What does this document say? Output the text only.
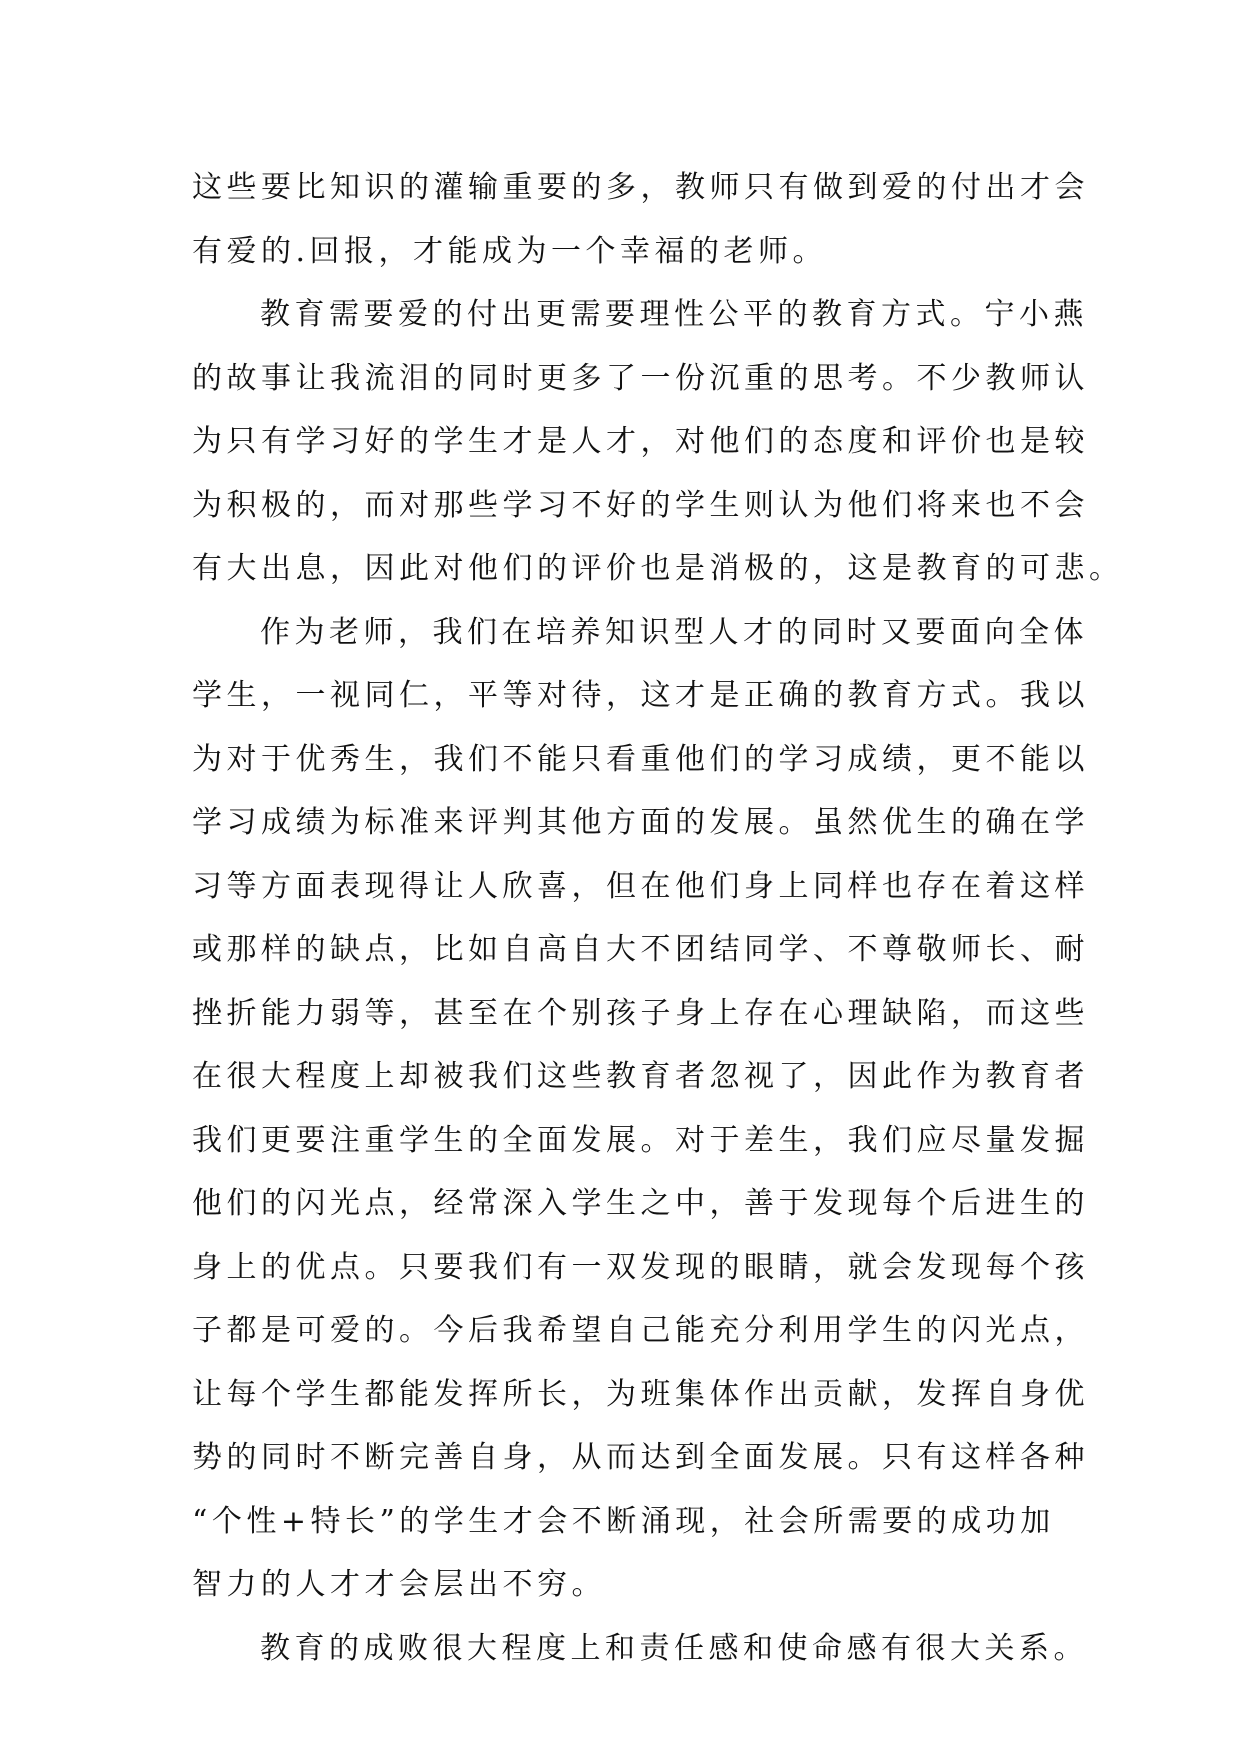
这些要比知识的灌输重要的多，教师只有做到爱的付出才会
有爱的.回报，才能成为一个幸福的老师。
教育需要爱的付出更需要理性公平的教育方式。宁小燕
的故事让我流泪的同时更多了一份沉重的思考。不少教师认
为只有学习好的学生才是人才，对他们的态度和评价也是较
为积极的，而对那些学习不好的学生则认为他们将来也不会
有大出息，因此对他们的评价也是消极的，这是教育的可悲。
作为老师，我们在培养知识型人才的同时又要面向全体
学生，一视同仁，平等对待，这才是正确的教育方式。我以
为对于优秀生，我们不能只看重他们的学习成绩，更不能以
学习成绩为标准来评判其他方面的发展。虽然优生的确在学
习等方面表现得让人欣喜，但在他们身上同样也存在着这样
或那样的缺点，比如自高自大不团结同学、不尊敬师长、耐
挫折能力弱等，甚至在个别孩子身上存在心理缺陷，而这些
在很大程度上却被我们这些教育者忽视了，因此作为教育者
我们更要注重学生的全面发展。对于差生，我们应尽量发掘
他们的闪光点，经常深入学生之中，善于发现每个后进生的
身上的优点。只要我们有一双发现的眼睛，就会发现每个孩
子都是可爱的。今后我希望自己能充分利用学生的闪光点，
让每个学生都能发挥所长，为班集体作出贡献，发挥自身优
势的同时不断完善自身，从而达到全面发展。只有这样各种
“个性+特长”的学生才会不断涌现，社会所需要的成功加
智力的人才才会层出不穷。
教育的成败很大程度上和责任感和使命感有很大关系。
